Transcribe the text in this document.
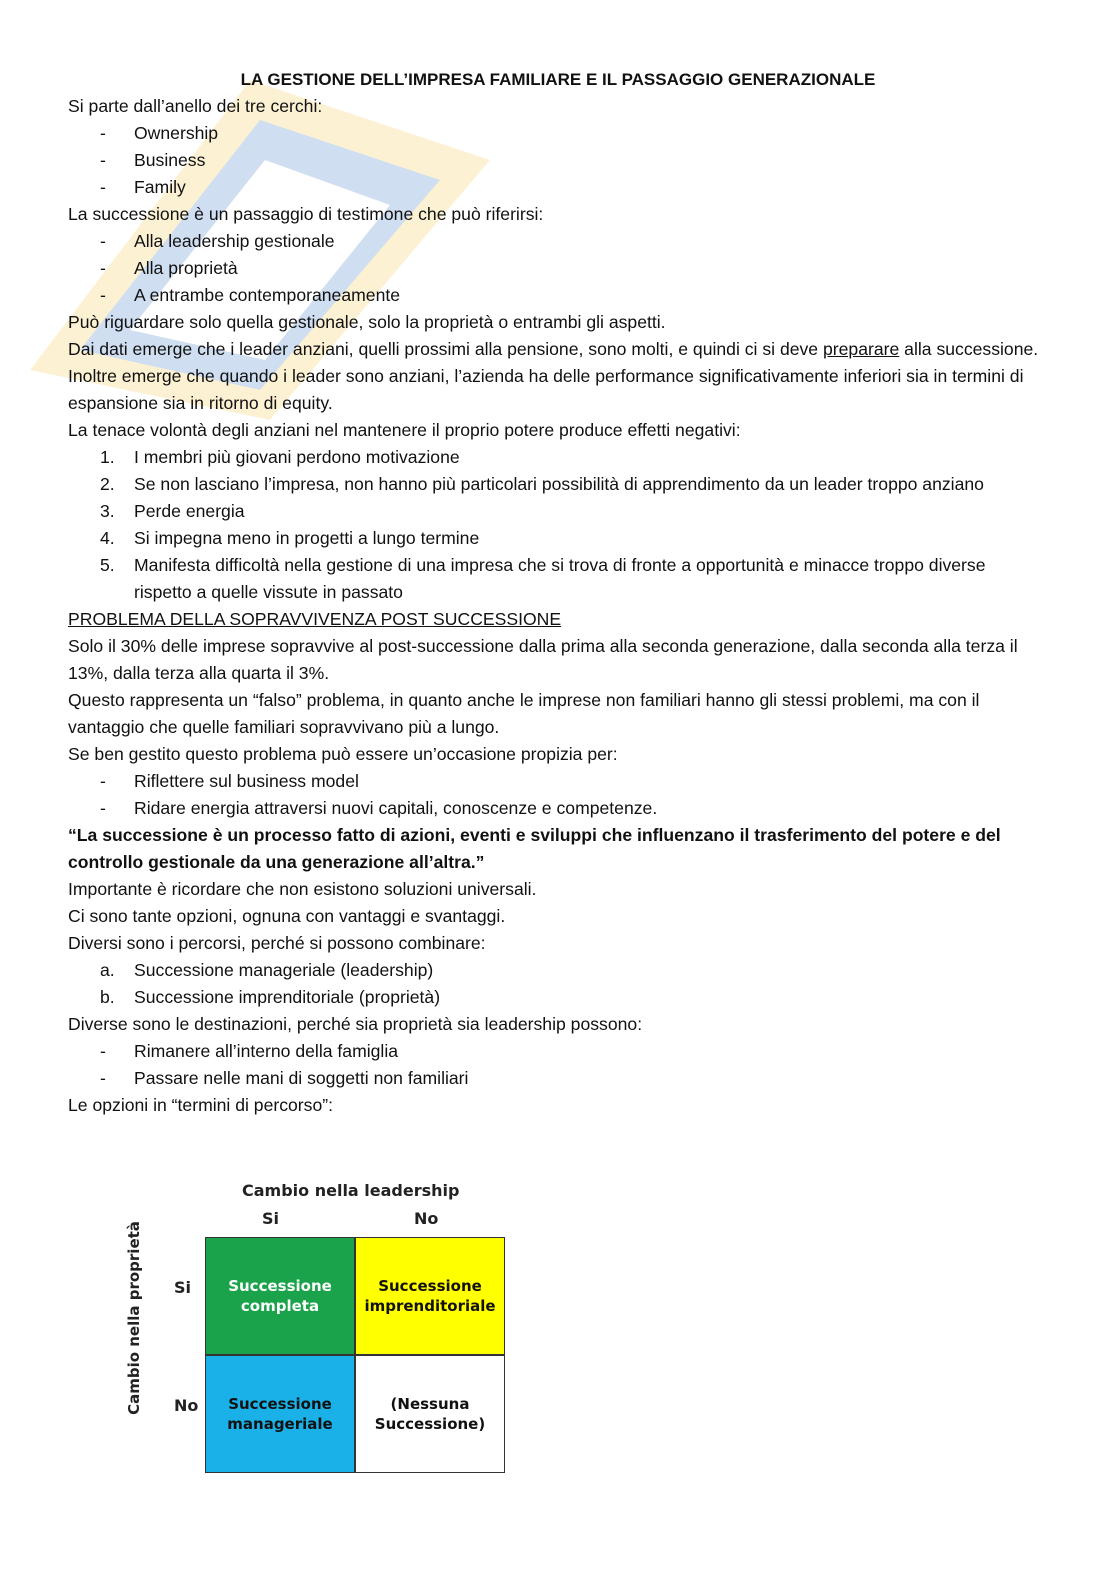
LA GESTIONE DELL’IMPRESA FAMILIARE E IL PASSAGGIO GENERAZIONALE

Si parte dall’anello dei tre cerchi:

- Ownership
- Business
- Family

La successione è un passaggio di testimone che può riferirsi:

- Alla leadership gestionale
- Alla proprietà
- A entrambe contemporaneamente

Può riguardare solo quella gestionale, solo la proprietà o entrambi gli aspetti.

Dai dati emerge che i leader anziani, quelli prossimi alla pensione, sono molti, e quindi ci si deve preparare alla successione. Inoltre emerge che quando i leader sono anziani, l’azienda ha delle performance significativamente inferiori sia in termini di espansione sia in ritorno di equity.

La tenace volontà degli anziani nel mantenere il proprio potere produce effetti negativi:

1. I membri più giovani perdono motivazione
2. Se non lasciano l’impresa, non hanno più particolari possibilità di apprendimento da un leader troppo anziano
3. Perde energia
4. Si impegna meno in progetti a lungo termine
5. Manifesta difficoltà nella gestione di una impresa che si trova di fronte a opportunità e minacce troppo diverse rispetto a quelle vissute in passato

PROBLEMA DELLA SOPRAVVIVENZA POST SUCCESSIONE

Solo il 30% delle imprese sopravvive al post-successione dalla prima alla seconda generazione, dalla seconda alla terza il 13%, dalla terza alla quarta il 3%.

Questo rappresenta un “falso” problema, in quanto anche le imprese non familiari hanno gli stessi problemi, ma con il vantaggio che quelle familiari sopravvivano più a lungo.

Se ben gestito questo problema può essere un’occasione propizia per:

- Riflettere sul business model
- Ridare energia attraversi nuovi capitali, conoscenze e competenze.

“La successione è un processo fatto di azioni, eventi e sviluppi che influenzano il trasferimento del potere e del controllo gestionale da una generazione all’altra.”

Importante è ricordare che non esistono soluzioni universali.

Ci sono tante opzioni, ognuna con vantaggi e svantaggi.

Diversi sono i percorsi, perché si possono combinare:

a. Successione manageriale (leadership)
b. Successione imprenditoriale (proprietà)

Diverse sono le destinazioni, perché sia proprietà sia leadership possono:

- Rimanere all’interno della famiglia
- Passare nelle mani di soggetti non familiari

Le opzioni in “termini di percorso”:

Cambio nella leadership
Si	No
Cambio nella proprietà Si
No
Successione completa
Successione imprenditoriale
Successione manageriale
(Nessuna Successione)
